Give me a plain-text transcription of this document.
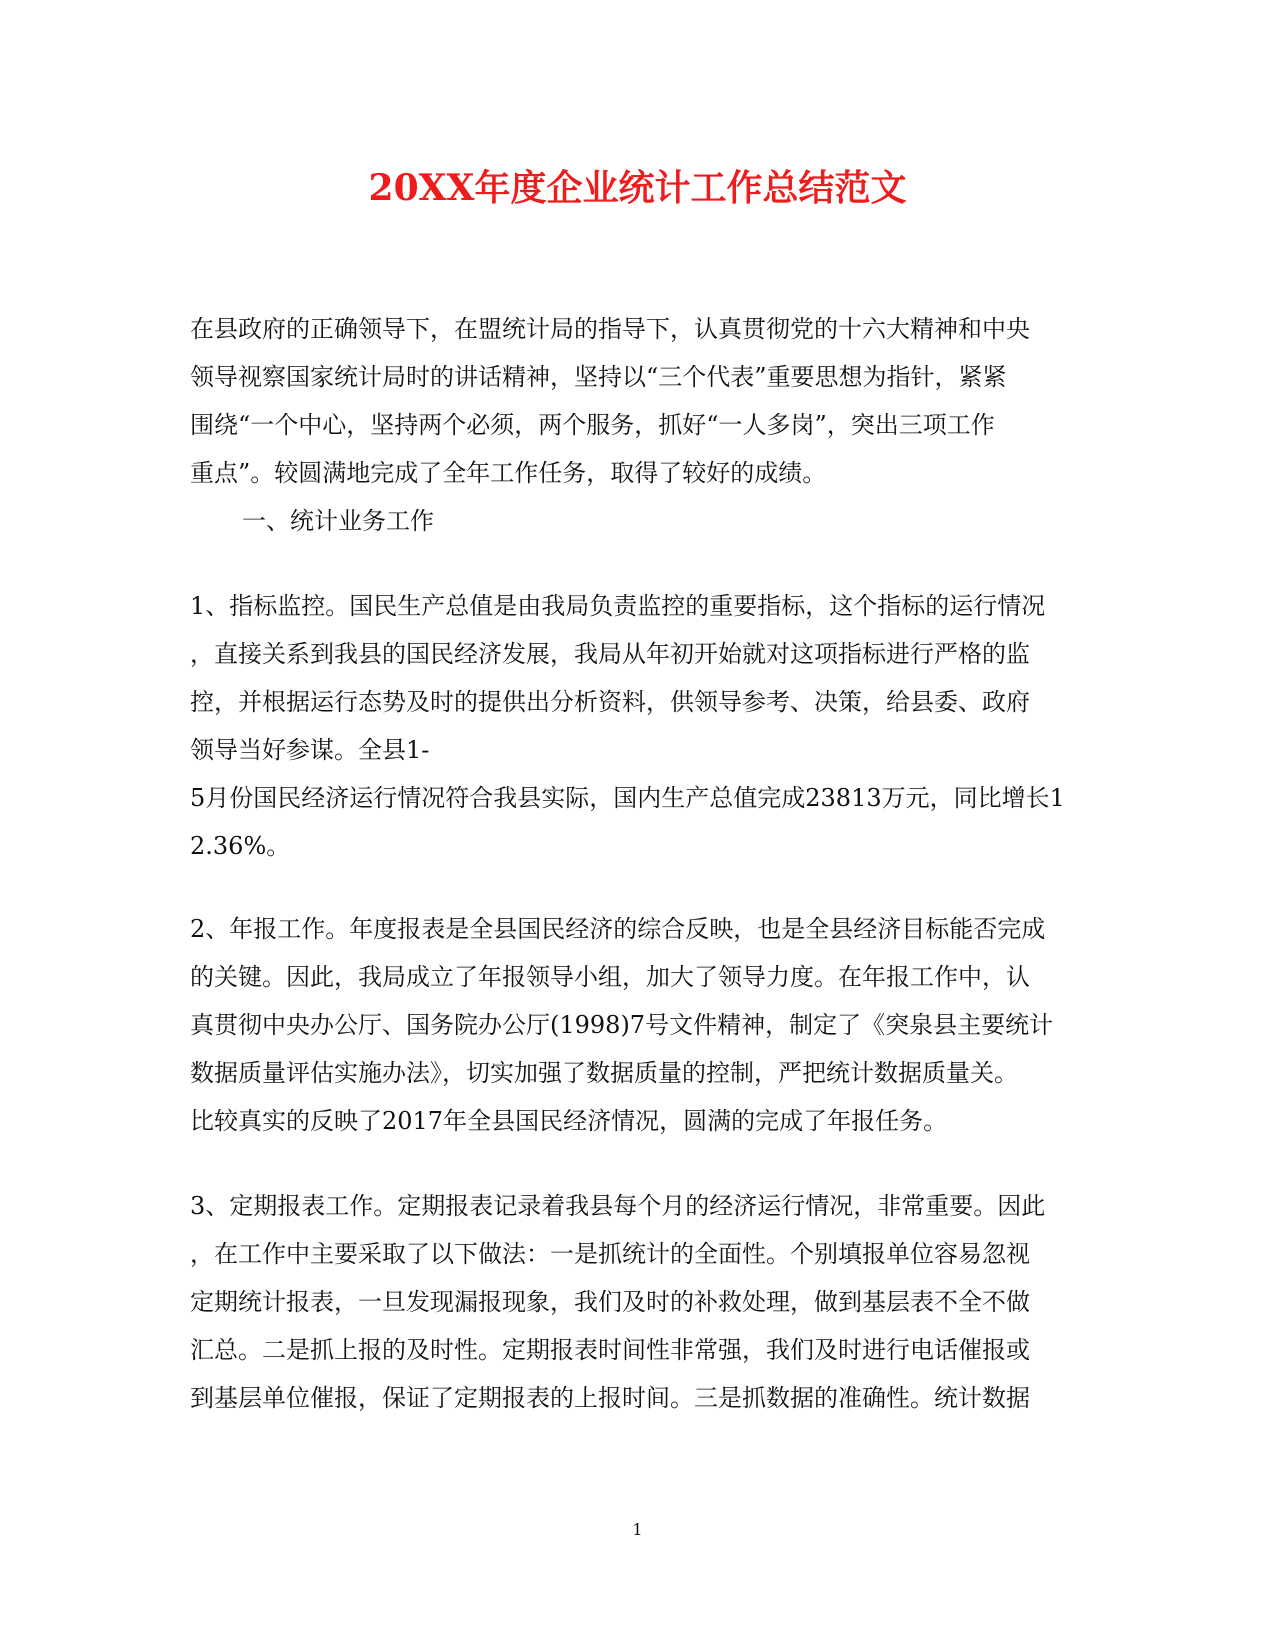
20XX年度企业统计工作总结范文
在县政府的正确领导下，在盟统计局的指导下，认真贯彻党的十六大精神和中央
领导视察国家统计局时的讲话精神，坚持以“三个代表”重要思想为指针，紧紧
围绕“一个中心，坚持两个必须，两个服务，抓好“一人多岗”，突出三项工作
重点”。较圆满地完成了全年工作任务，取得了较好的成绩。
一、统计业务工作
1、指标监控。国民生产总值是由我局负责监控的重要指标，这个指标的运行情况
，直接关系到我县的国民经济发展，我局从年初开始就对这项指标进行严格的监
控，并根据运行态势及时的提供出分析资料，供领导参考、决策，给县委、政府
领导当好参谋。全县1-
5月份国民经济运行情况符合我县实际，国内生产总值完成23813万元，同比增长1
2.36%。
2、年报工作。年度报表是全县国民经济的综合反映，也是全县经济目标能否完成
的关键。因此，我局成立了年报领导小组，加大了领导力度。在年报工作中，认
真贯彻中央办公厅、国务院办公厅(1998)7号文件精神，制定了《突泉县主要统计
数据质量评估实施办法》，切实加强了数据质量的控制，严把统计数据质量关。
比较真实的反映了2017年全县国民经济情况，圆满的完成了年报任务。
3、定期报表工作。定期报表记录着我县每个月的经济运行情况，非常重要。因此
，在工作中主要采取了以下做法：一是抓统计的全面性。个别填报单位容易忽视
定期统计报表，一旦发现漏报现象，我们及时的补救处理，做到基层表不全不做
汇总。二是抓上报的及时性。定期报表时间性非常强，我们及时进行电话催报或
到基层单位催报，保证了定期报表的上报时间。三是抓数据的准确性。统计数据
1
